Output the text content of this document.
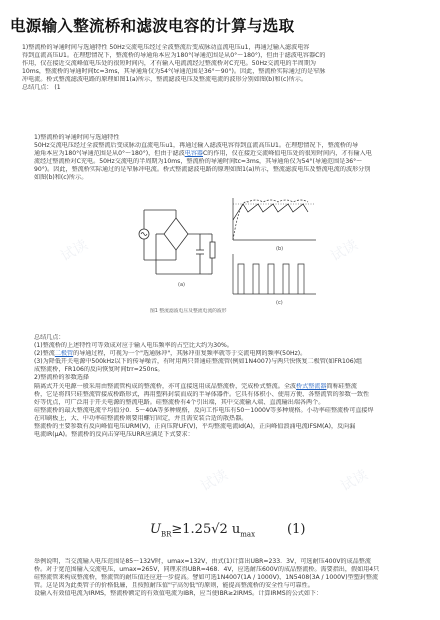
电源输入整流桥和滤波电容的计算与选取
1)整流桥的导通时间与选通特性 50Hz交流电压经过全波整流后变成脉动直流电压u1，再通过输入滤波电容
得到直流高压U1。在理想情况下，整流桥的导通角本应为180°(导通范围是从0°～180°)，但由于滤波电容器C的
作用，仅在接近交流峰值电压处的很短时间内，才有输入电流流经过整流桥对C充电。50Hz交流电的半周期为
10ms，整流桥的导通时间tc=3ms，其导通角仅为54°(导通范围是36°～90°)。因此，整流桥实际通过的是窄脉
冲电流。桥式整流滤波电路的原理如图1(a)所示，整流滤波电压及整流电流的波形分别如图(b)和(c)所示。
总结几点： (1
1)整流桥的导通时间与选通特性
50Hz交流电压经过全波整流后变成脉动直流电压u1，再通过输入滤波电容得到直流高压U1。在理想情况下，整流桥的导
通角本应为180°(导通范围是从0°～180°)，但由于滤波电容器C的作用，仅在接近交流峰值电压处的很短时间内，才有输入电
流经过整流桥对C充电。50Hz交流电的半周期为10ms，整流桥的导通时间tc=3ms，其导通角仅为54°(导通范围是36°～
90°)。因此，整流桥实际通过的是窄脉冲电流。桥式整流滤波电路的原理如图1(a)所示，整流滤波电压及整流电流的波形分别
如图(b)和(c)所示。
(a)
(b)
(c)
图1 整流滤波电压及整流电流的波形
总结几点：
(1)整流桥的上述特性可等效成对应于输入电压频率的占空比大约为30%。
(2)整流二极管的导通过程，可视为一个"选通脉冲"，其脉冲重复频率就等于交流电网的频率(50Hz)。
(3)为降低开关电源中500kHz以下的传导噪音，有时用两只普通硅整流管(例如1N4007)与两只快恢复二极管(如FR106)组
成整流桥，FR106的反向恢复时间trr=250ns。
2)整流桥的参数选择
隔离式开关电源一般采用由整流管构成的整流桥，亦可直接选用成品整流桥，完成桥式整流。全波桥式整流器简称硅整流
桥，它是将四只硅整流管接成桥路形式，再用塑料封装而成的半导体器件。它具有体积小、使用方便、各整流管的参数一致性
好等优点，可广泛用于开关电源的整流电路。硅整流桥有4个引出端，其中交流输入端、直流输出端各两个。
硅整流桥的最大整流电流平均值分0．5～40A等多种规格，反向工作电压有50～1000V等多种规格。小功率硅整流桥可直接焊
在印刷板上，大、中功率硅整流桥则要用螺钉固定，并且需安装合适的散热器。
整流桥的主要参数有反向峰值电压URM(V)，正向压降UF(V)，平均整流电流Id(A)，正向峰值浪涌电流IFSM(A)，反向漏
电流IR(μA)。整流桥的反向击穿电压URR应满足下式要求：
$U_{BR}\ge 1.25√2$ $u_{max}$ (1)
举例说明，当交流输入电压范围是85～132V时，umax=132V，由式(1)计算出UBR=233．3V，可选耐压400V的成品整流
桥。对于宽范围输入交流电压，umax=265V，同理求得UBR=468．4V，应选耐压600V的成品整流桥。需要指出，假如用4只
硅整流管来构成整流桥，整流管的耐压值还应进一步提高。譬如可选1N4007(1A / 1000V)、1N5408(3A / 1000V)型塑封整流
管。这是因为此类管子的价格低廉，且按照耐压值"宁高勿低"的原则，能提高整流桥的安全性与可靠性。
设输入有效值电流为IRMS，整流桥额定的有效值电流为IBR，应当使IBR≥2IRMS。计算IRMS的公式如下：
试读	试读
试读
试读
试读
